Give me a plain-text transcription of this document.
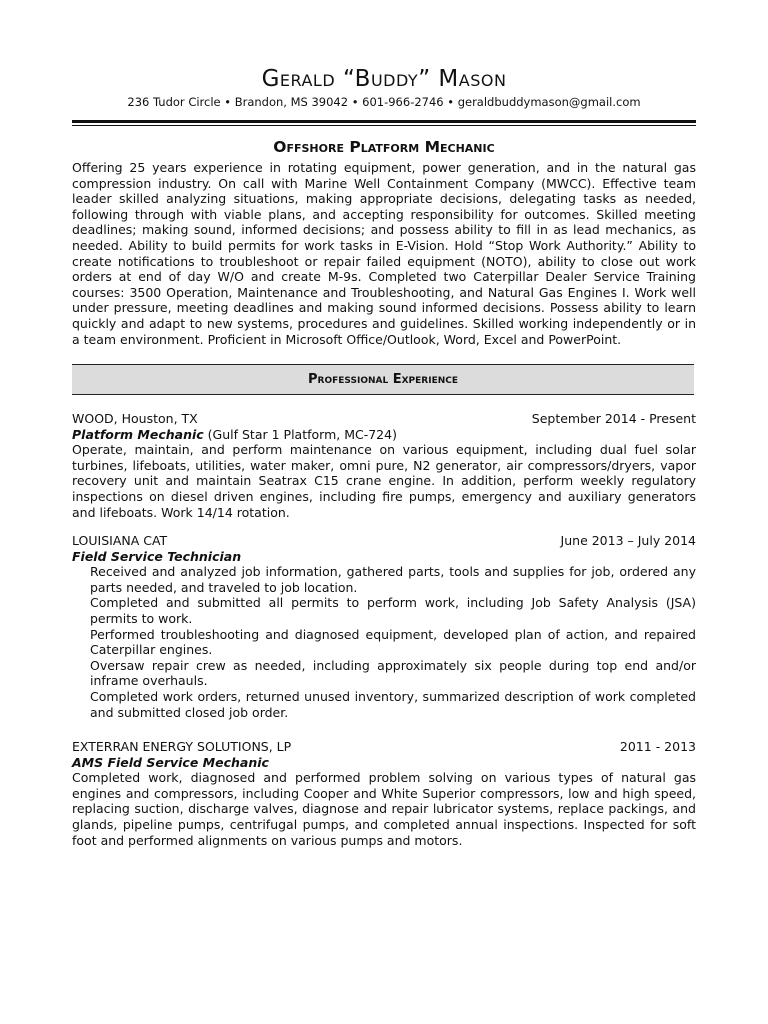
Gerald “Buddy” Mason
236 Tudor Circle • Brandon, MS 39042 • 601-966-2746 • geraldbuddymason@gmail.com
Offshore Platform Mechanic

Offering 25 years experience in rotating equipment, power generation, and in the natural gas compression industry. On call with Marine Well Containment Company (MWCC). Effective team leader skilled analyzing situations, making appropriate decisions, delegating tasks as needed, following through with viable plans, and accepting responsibility for outcomes. Skilled meeting deadlines; making sound, informed decisions; and possess ability to fill in as lead mechanics, as needed. Ability to build permits for work tasks in E-Vision. Hold “Stop Work Authority.” Ability to create notifications to troubleshoot or repair failed equipment (NOTO), ability to close out work orders at end of day W/O and create M-9s. Completed two Caterpillar Dealer Service Training courses: 3500 Operation, Maintenance and Troubleshooting, and Natural Gas Engines I. Work well under pressure, meeting deadlines and making sound informed decisions. Possess ability to learn quickly and adapt to new systems, procedures and guidelines. Skilled working independently or in a team environment. Proficient in Microsoft Office/Outlook, Word, Excel and PowerPoint.

Professional Experience
WOOD, Houston, TX	September 2014 - Present
Platform Mechanic (Gulf Star 1 Platform, MC-724)

Operate, maintain, and perform maintenance on various equipment, including dual fuel solar turbines, lifeboats, utilities, water maker, omni pure, N2 generator, air compressors/dryers, vapor recovery unit and maintain Seatrax C15 crane engine. In addition, perform weekly regulatory inspections on diesel driven engines, including fire pumps, emergency and auxiliary generators and lifeboats. Work 14/14 rotation.

LOUISIANA CAT	June 2013 – July 2014
Field Service Technician
Received and analyzed job information, gathered parts, tools and supplies for job, ordered any parts needed, and traveled to job location.
Completed and submitted all permits to perform work, including Job Safety Analysis (JSA) permits to work.
Performed troubleshooting and diagnosed equipment, developed plan of action, and repaired Caterpillar engines.
Oversaw repair crew as needed, including approximately six people during top end and/or inframe overhauls.
Completed work orders, returned unused inventory, summarized description of work completed and submitted closed job order.
EXTERRAN ENERGY SOLUTIONS, LP	2011 - 2013
AMS Field Service Mechanic

Completed work, diagnosed and performed problem solving on various types of natural gas engines and compressors, including Cooper and White Superior compressors, low and high speed, replacing suction, discharge valves, diagnose and repair lubricator systems, replace packings, and glands, pipeline pumps, centrifugal pumps, and completed annual inspections. Inspected for soft foot and performed alignments on various pumps and motors.
